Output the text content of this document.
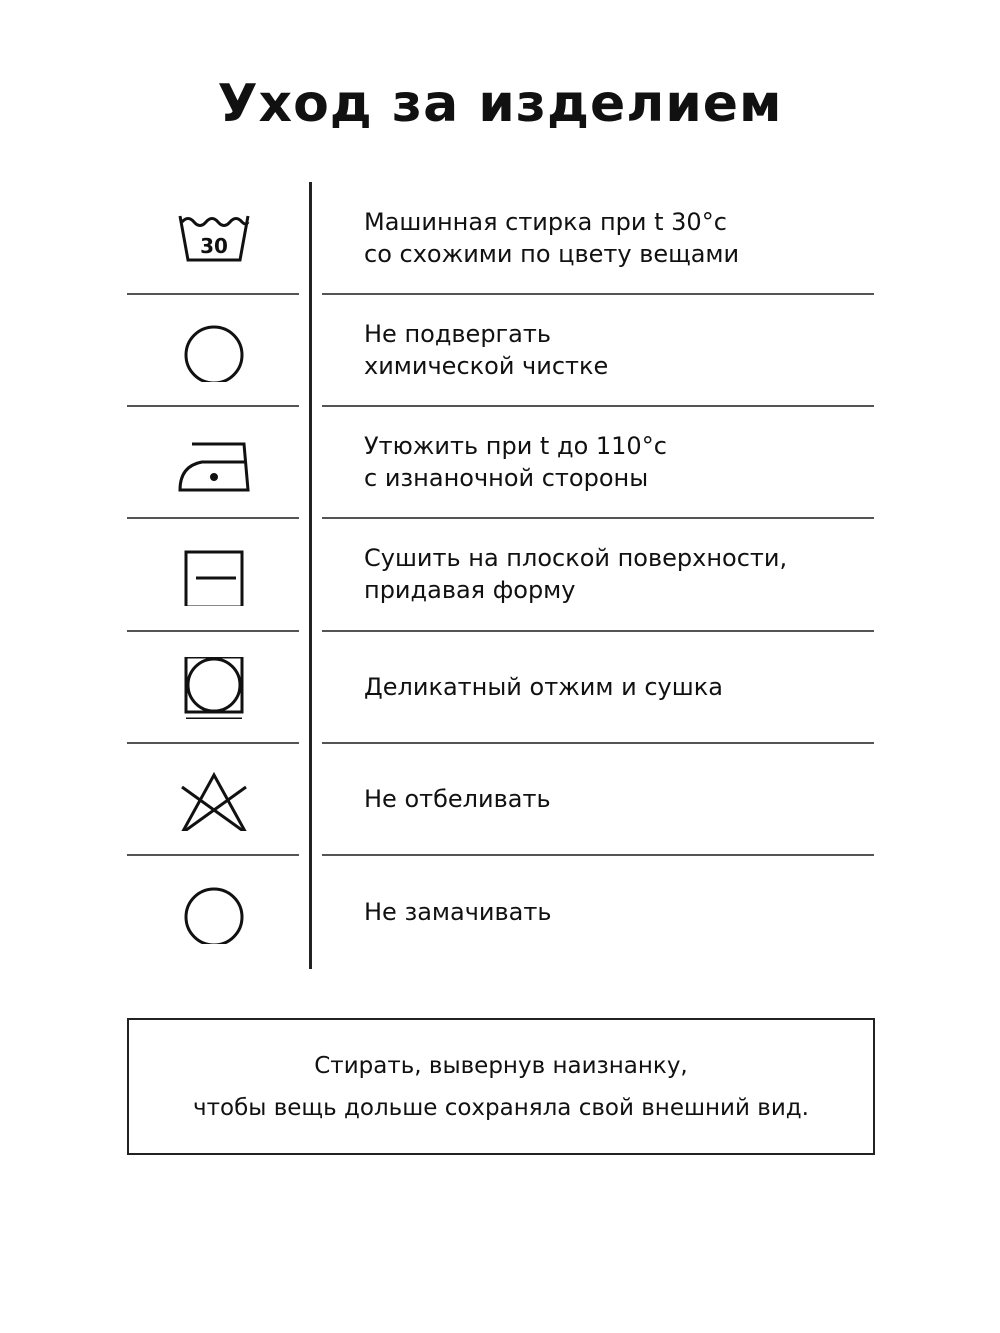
Уход за изделием
30
Машинная стирка при t 30°c
со схожими по цвету вещами
Не подвергать
химической чистке
Утюжить при t до 110°c
с изнаночной стороны
Сушить на плоской поверхности,
придавая форму
Деликатный отжим и сушка
Не отбеливать
Не замачивать
Стирать, вывернув наизнанку,
чтобы вещь дольше сохраняла свой внешний вид.
